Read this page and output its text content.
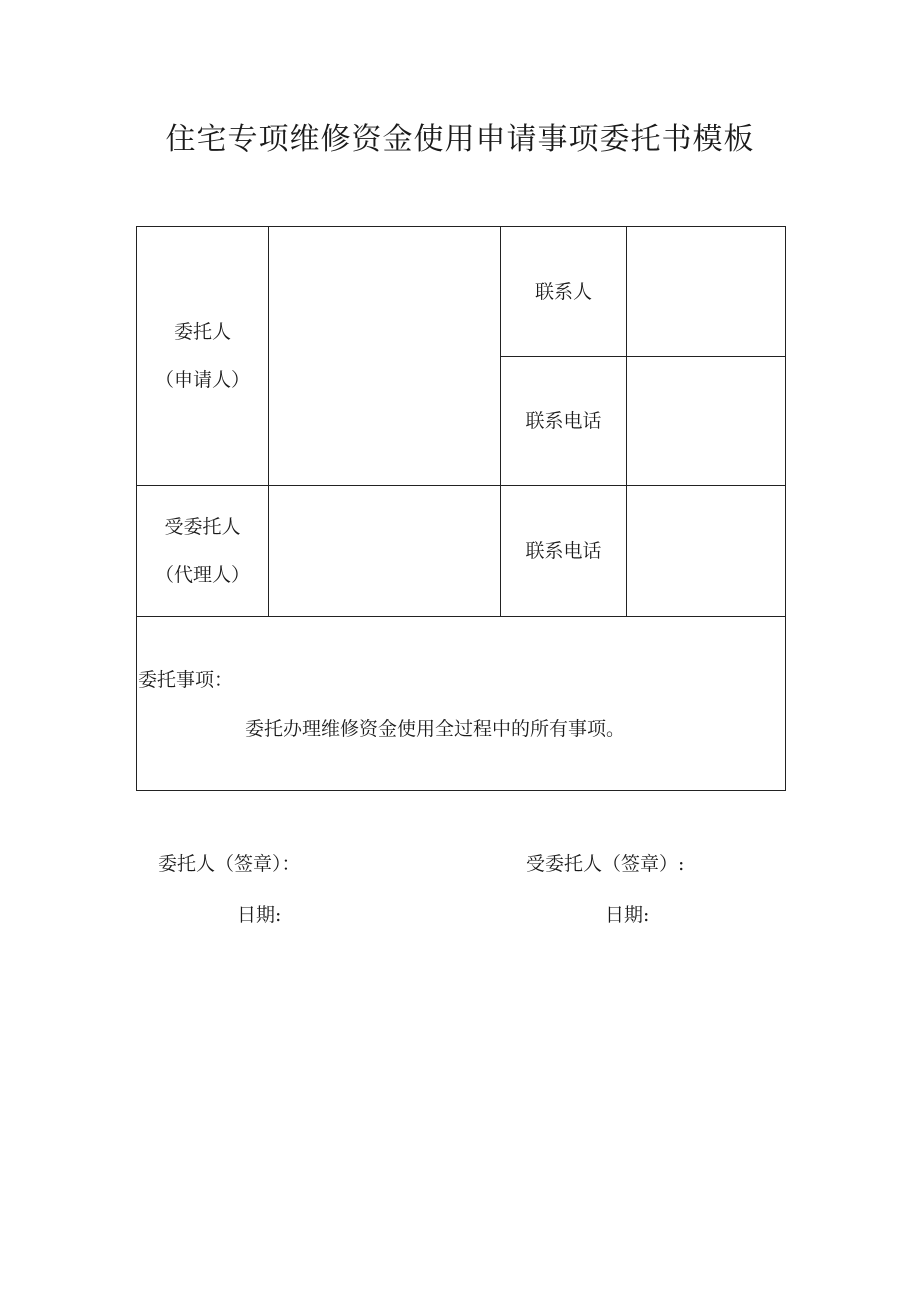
住宅专项维修资金使用申请事项委托书模板
委托人
（申请人）		联系人	
		联系电话	

受委托人
（代理人）		联系电话	

委托事项：
委托办理维修资金使用全过程中的所有事项。			
委托人（签章）：
日期:
受委托人（签章）:
日期:
